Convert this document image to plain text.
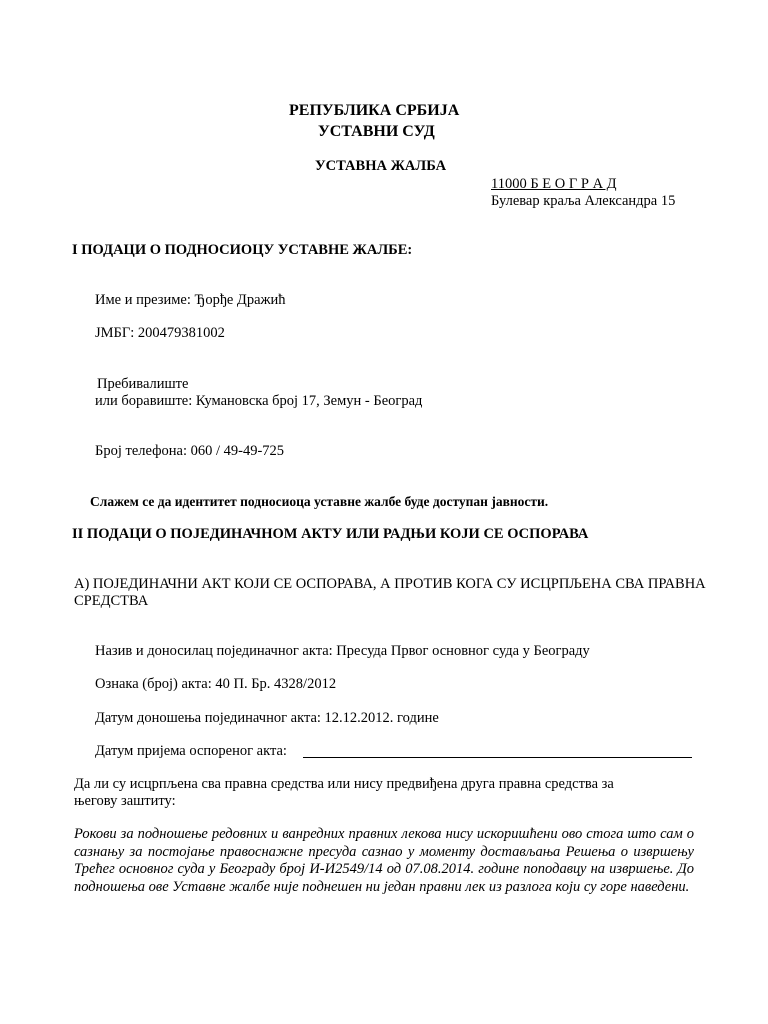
РЕПУБЛИКА СРБИЈА
УСТАВНИ СУД
УСТАВНА ЖАЛБА
11000 Б Е О Г Р А Д
Булевар краља Александра 15
I ПОДАЦИ О ПОДНОСИОЦУ УСТАВНЕ ЖАЛБЕ:
Име и презиме: Ђорђе Дражић
ЈМБГ: 200479381002
Пребивалиште
или боравиште: Кумановска број 17, Земун - Београд
Број телефона: 060 / 49-49-725
Слажем се да идентитет подносиоца уставне жалбе буде доступан јавности.
II ПОДАЦИ О ПОЈЕДИНАЧНОМ АКТУ ИЛИ РАДЊИ КОЈИ СЕ ОСПОРАВА
А) ПОЈЕДИНАЧНИ АКТ КОЈИ СЕ ОСПОРАВА, А ПРОТИВ КОГА СУ ИСЦРПЉЕНА СВА ПРАВНА
СРЕДСТВА
Назив и доносилац појединачног акта: Пресуда Првог основног суда у Београду
Ознака (број) акта: 40 П. Бр. 4328/2012
Датум доношења појединачног акта: 12.12.2012. године
Датум пријема оспореног акта:
Да ли су исцрпљена сва правна средства или нису предвиђена друга правна средства за
његову заштиту:
Рокови за подношење редовних и ванредних правних лекова нису искоришћени ово стога што сам о сазнању за постојање правоснажне пресуда сазнао у моменту достављања Решења о извршењу Трећег основног суда у Београду број И-И2549/14 од 07.08.2014. године поподавцу на извршење. До подношења ове Уставне жалбе није поднешен ни један правни лек из разлога који су горе наведени.
